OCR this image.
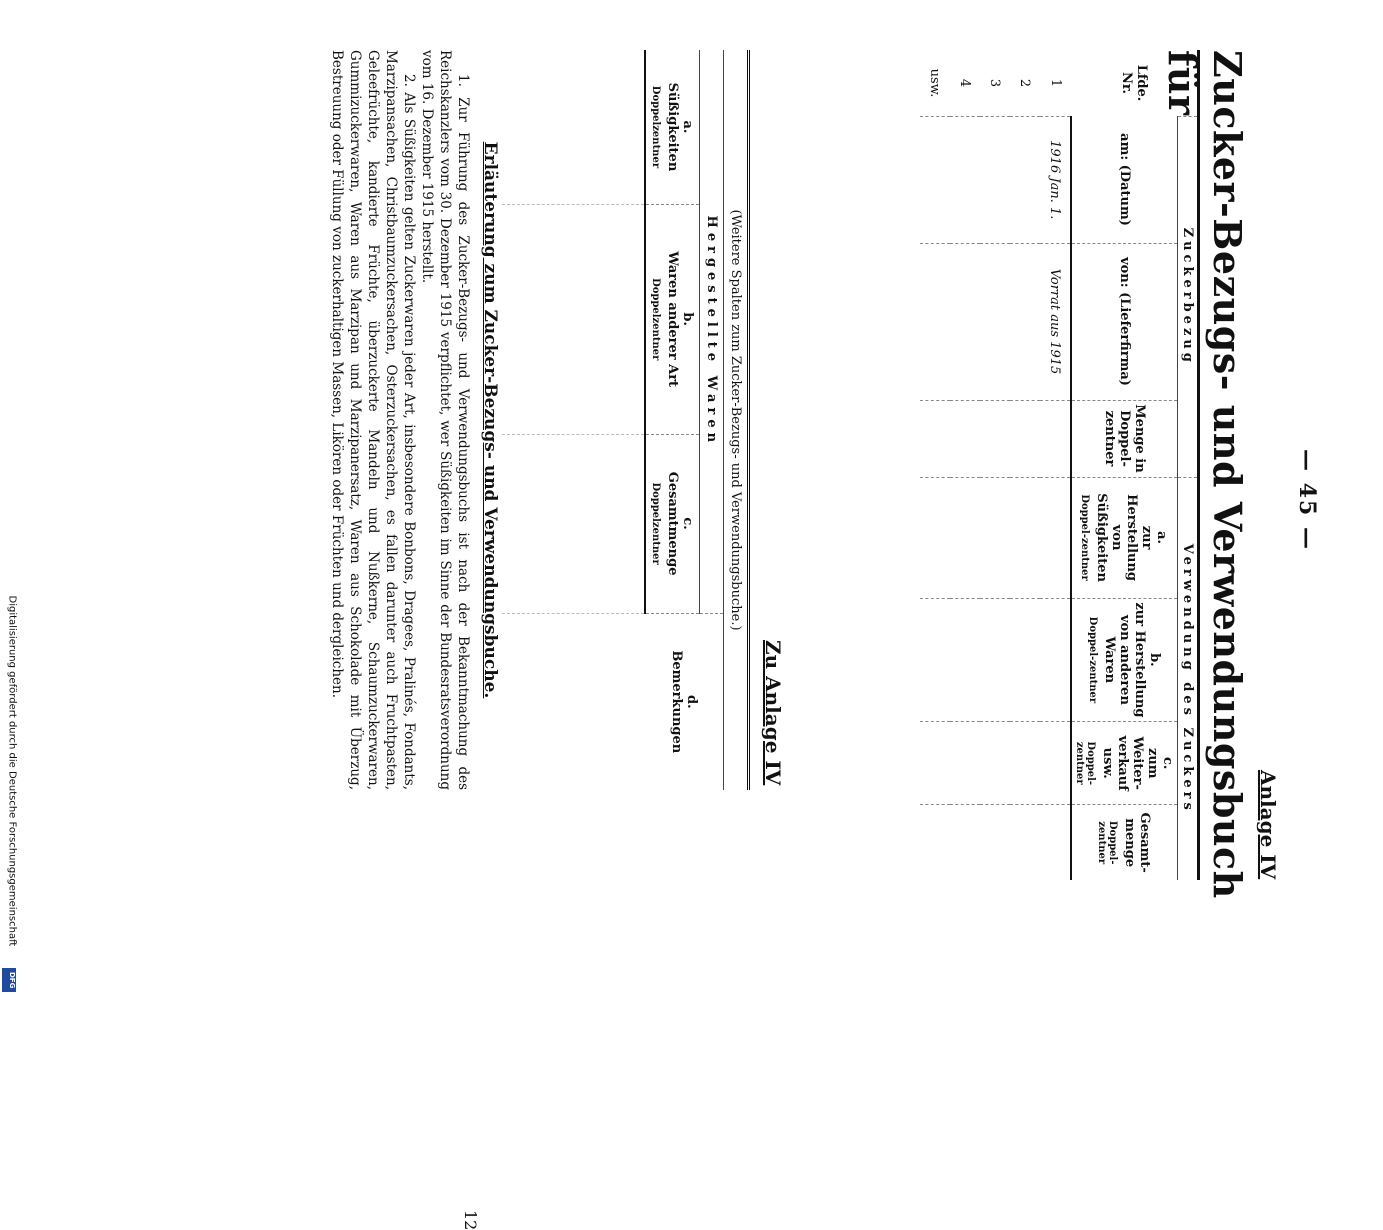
— 45 —
Anlage IV
Zucker-Bezugs- und Verwendungsbuch für
Lfde. Nr.	Zuckerbezug			Verwendung des Zuckers			
	am: (Datum)	von: (Lieferfirma)	Menge in Doppel-zentner	a.
zur Herstellung von Süßigkeiten
Doppel-zentner	b.
zur Herstellung von anderen Waren
Doppel-zentner	c.
zum Weiter-verkauf usw.
Doppel-zentner	Gesamt-menge
Doppel-zentner

1	1916 Jan. 1.	Vorrat aus 1915					
2							
3							
4							
usw.							
Zu Anlage IV
(Weitere Spalten zum Zucker-Bezugs- und Verwendungsbuche.)			
Hergestellte Waren			d.
Bemerkungen
a.
Süßigkeiten
Doppelzentner	b.
Waren anderer Art
Doppelzentner	c.
Gesamtmenge
Doppelzentner	

Erläuterung zum Zucker-Bezugs- und Verwendungsbuche.

1. Zur Führung des Zucker-Bezugs- und Verwendungsbuchs ist nach der Bekanntmachung des Reichskanzlers vom 30. Dezember 1915 verpflichtet, wer Süßigkeiten im Sinne der Bundesratsverordnung vom 16. Dezember 1915 herstellt.

2. Als Süßigkeiten gelten Zuckerwaren jeder Art, insbesondere Bonbons, Dragees, Pralinés, Fondants, Marzipansachen, Christbaumzuckersachen, Osterzuckersachen, es fallen darunter auch Fruchtpasten, Geleefrüchte, kandierte Früchte, überzuckerte Mandeln und Nußkerne, Schaumzuckerwaren, Gummizuckerwaren, Waren aus Marzipan und Marzipanersatz, Waren aus Schokolade mit Überzug, Bestreuung oder Füllung von zuckerhaltigen Massen, Likören oder Früchten und dergleichen.

12
Digitalisierung gefördert durch die Deutsche Forschungsgemeinschaft
DFG
